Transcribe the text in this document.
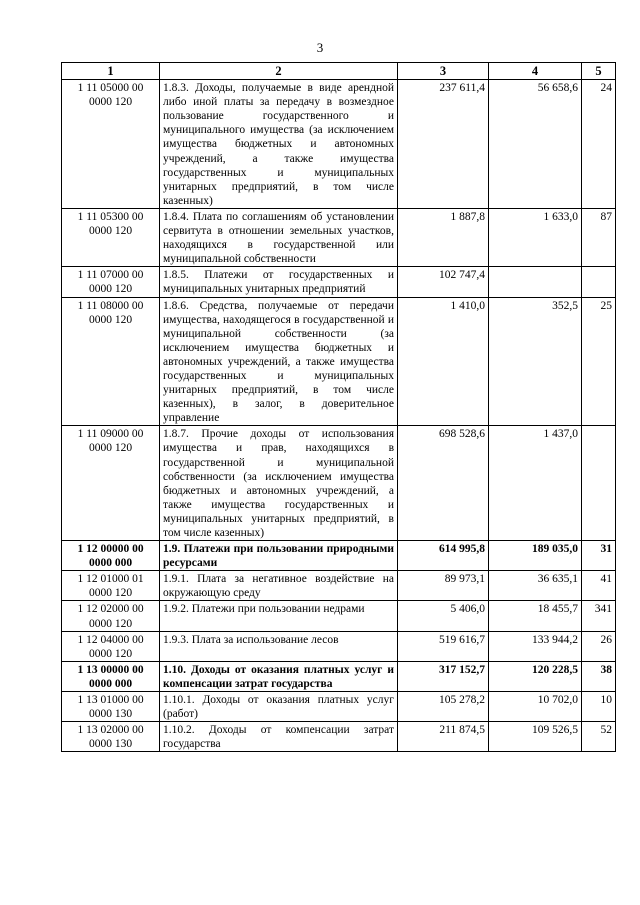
3
1	2	3	4	5
1 11 05000 00 0000 120	1.8.3. Доходы, получаемые в виде арендной либо иной платы за передачу в возмездное пользование государственного и муниципального имущества (за исключением имущества бюджетных и автономных учреждений, а также имущества государственных и муниципальных унитарных предприятий, в том числе казенных)	237 611,4	56 658,6	24
1 11 05300 00 0000 120	1.8.4. Плата по соглашениям об установлении сервитута в отношении земельных участков, находящихся в государственной или муниципальной собственности	1 887,8	1 633,0	87
1 11 07000 00 0000 120	1.8.5. Платежи от государственных и муниципальных унитарных предприятий	102 747,4		
1 11 08000 00 0000 120	1.8.6. Средства, получаемые от передачи имущества, находящегося в государственной и муниципальной собственности (за исключением имущества бюджетных и автономных учреждений, а также имущества государственных и муниципальных унитарных предприятий, в том числе казенных), в залог, в доверительное управление	1 410,0	352,5	25
1 11 09000 00 0000 120	1.8.7. Прочие доходы от использования имущества и прав, находящихся в государственной и муниципальной собственности (за исключением имущества бюджетных и автономных учреждений, а также имущества государственных и муниципальных унитарных предприятий, в том числе казенных)	698 528,6	1 437,0	
1 12 00000 00 0000 000	1.9. Платежи при пользовании природными ресурсами	614 995,8	189 035,0	31
1 12 01000 01 0000 120	1.9.1. Плата за негативное воздействие на окружающую среду	89 973,1	36 635,1	41
1 12 02000 00 0000 120	1.9.2. Платежи при пользовании недрами	5 406,0	18 455,7	341
1 12 04000 00 0000 120	1.9.3. Плата за использование лесов	519 616,7	133 944,2	26
1 13 00000 00 0000 000	1.10. Доходы от оказания платных услуг и компенсации затрат государства	317 152,7	120 228,5	38
1 13 01000 00 0000 130	1.10.1. Доходы от оказания платных услуг (работ)	105 278,2	10 702,0	10
1 13 02000 00 0000 130	1.10.2. Доходы от компенсации затрат государства	211 874,5	109 526,5	52
